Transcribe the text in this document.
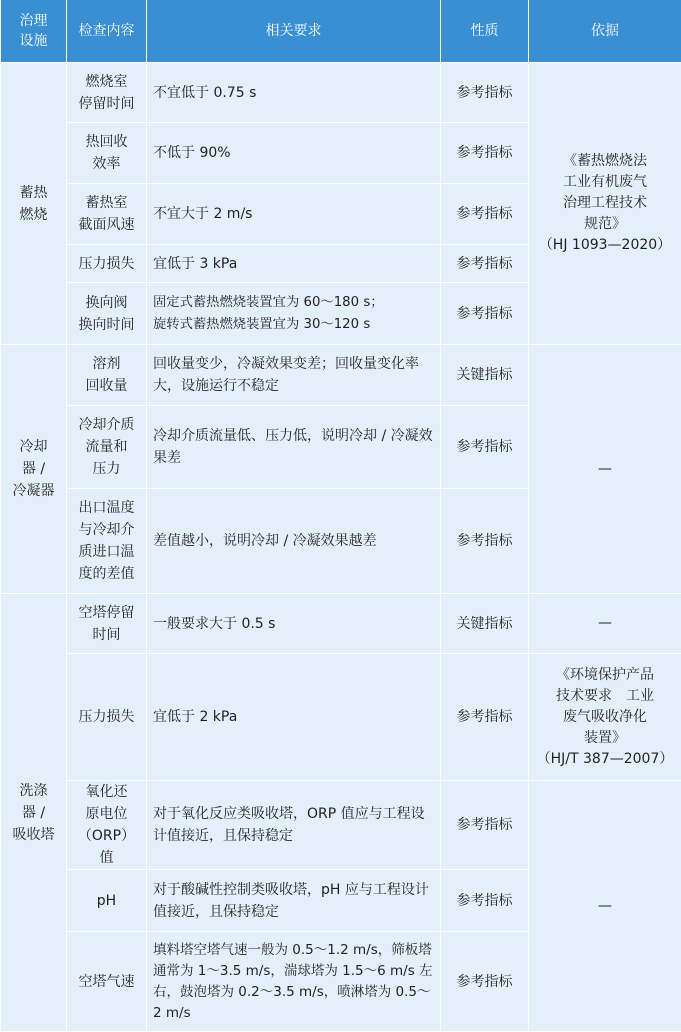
治理
设施	检查内容	相关要求	性质	依据
蓄热
燃烧	燃烧室
停留时间	不宜低于 0.75 s	参考指标	《蓄热燃烧法
工业有机废气
治理工程技术
规范》
（HJ 1093—2020）
	热回收
效率	不低于 90%	参考指标	
	蓄热室
截面风速	不宜大于 2 m/s	参考指标	
	压力损失	宜低于 3 kPa	参考指标	
	换向阀
换向时间	固定式蓄热燃烧装置宜为 60～180 s；
旋转式蓄热燃烧装置宜为 30～120 s	参考指标	
冷却
器 /
冷凝器	溶剂
回收量	回收量变少，冷凝效果变差；回收量变化率大，设施运行不稳定	关键指标	—
	冷却介质
流量和
压力	冷却介质流量低、压力低，说明冷却 / 冷凝效果差	参考指标	
	出口温度
与冷却介
质进口温
度的差值	差值越小，说明冷却 / 冷凝效果越差	参考指标	
洗涤
器 /
吸收塔	空塔停留
时间	一般要求大于 0.5 s	关键指标	—
	压力损失	宜低于 2 kPa	参考指标	《环境保护产品
技术要求　工业
废气吸收净化
装置》
（HJ/T 387—2007）
	氧化还
原电位
（ORP）值	对于氧化反应类吸收塔，ORP 值应与工程设计值接近，且保持稳定	参考指标	—
	pH	对于酸碱性控制类吸收塔，pH 应与工程设计值接近，且保持稳定	参考指标	
	空塔气速	填料塔空塔气速一般为 0.5～1.2 m/s，筛板塔通常为 1～3.5 m/s，湍球塔为 1.5～6 m/s 左右，鼓泡塔为 0.2～3.5 m/s，喷淋塔为 0.5～2 m/s	参考指标	
